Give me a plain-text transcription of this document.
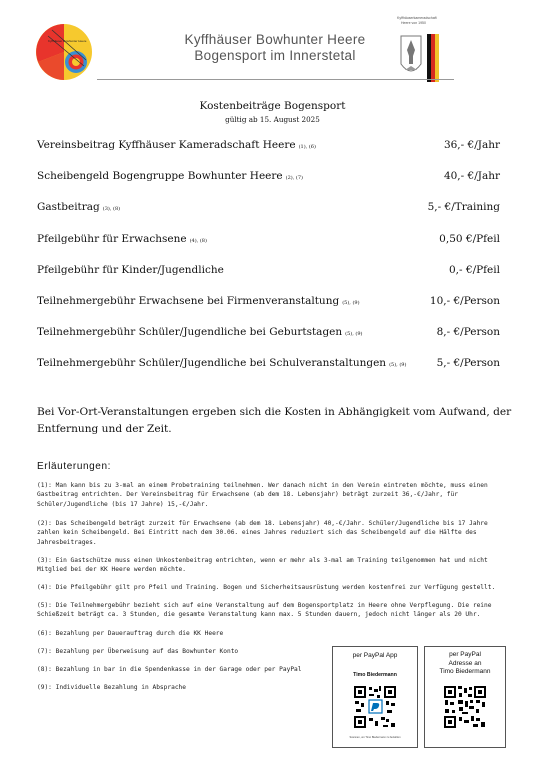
Kyffhäuser Bowhunter Heere	Kyffhäuser Bowhunter Heere
Bogensport im Innerstetal
Kyffhäuserkameradschaft
Heere von 1950
Kostenbeiträge Bogensport
gültig ab 15. August 2025
Vereinsbeitrag Kyffhäuser Kameradschaft Heere (1), (6)	36,- €/Jahr
Scheibengeld Bogengruppe Bowhunter Heere (2), (7)	40,- €/Jahr
Gastbeitrag (3), (8)	5,- €/Training
Pfeilgebühr für Erwachsene (4), (8)	0,50 €/Pfeil
Pfeilgebühr für Kinder/Jugendliche	0,- €/Pfeil
Teilnehmergebühr Erwachsene bei Firmenveranstaltung (5), (9)	10,- €/Person
Teilnehmergebühr Schüler/Jugendliche bei Geburtstagen (5), (9)	8,- €/Person
Teilnehmergebühr Schüler/Jugendliche bei Schulveranstaltungen (5), (9)	5,- €/Person
Bei Vor-Ort-Veranstaltungen ergeben sich die Kosten in Abhängigkeit vom Aufwand, der Entfernung und der Zeit.
Erläuterungen:
(1): Man kann bis zu 3-mal an einem Probetraining teilnehmen. Wer danach nicht in den Verein eintreten möchte, muss einen Gastbeitrag entrichten. Der Vereinsbeitrag für Erwachsene (ab dem 18. Lebensjahr) beträgt zurzeit 36,-€/Jahr, für Schüler/Jugendliche (bis 17 Jahre) 15,-€/Jahr.
(2): Das Scheibengeld beträgt zurzeit für Erwachsene (ab dem 18. Lebensjahr) 40,-€/Jahr. Schüler/Jugendliche bis 17 Jahre zahlen kein Scheibengeld. Bei Eintritt nach dem 30.06. eines Jahres reduziert sich das Scheibengeld auf die Hälfte des Jahresbeitrages.
(3): Ein Gastschütze muss einen Unkostenbeitrag entrichten, wenn er mehr als 3-mal am Training teilgenommen hat und nicht Mitglied bei der KK Heere werden möchte.
(4): Die Pfeilgebühr gilt pro Pfeil und Training. Bogen und Sicherheitsausrüstung werden kostenfrei zur Verfügung gestellt.
(5): Die Teilnehmergebühr bezieht sich auf eine Veranstaltung auf dem Bogensportplatz in Heere ohne Verpflegung. Die reine Schießzeit beträgt ca. 3 Stunden, die gesamte Veranstaltung kann max. 5 Stunden dauern, jedoch nicht länger als 20 Uhr.
(6): Bezahlung per Dauerauftrag durch die KK Heere
(7): Bezahlung per Überweisung auf das Bowhunter Konto
(8): Bezahlung in bar in die Spendenkasse in der Garage oder per PayPal
(9): Individuelle Bezahlung in Absprache
per PayPal App
Timo Biedermann
Scannen, um Timo Biedermann zu bezahlen
per PayPal
Adresse an
Timo Biedermann
